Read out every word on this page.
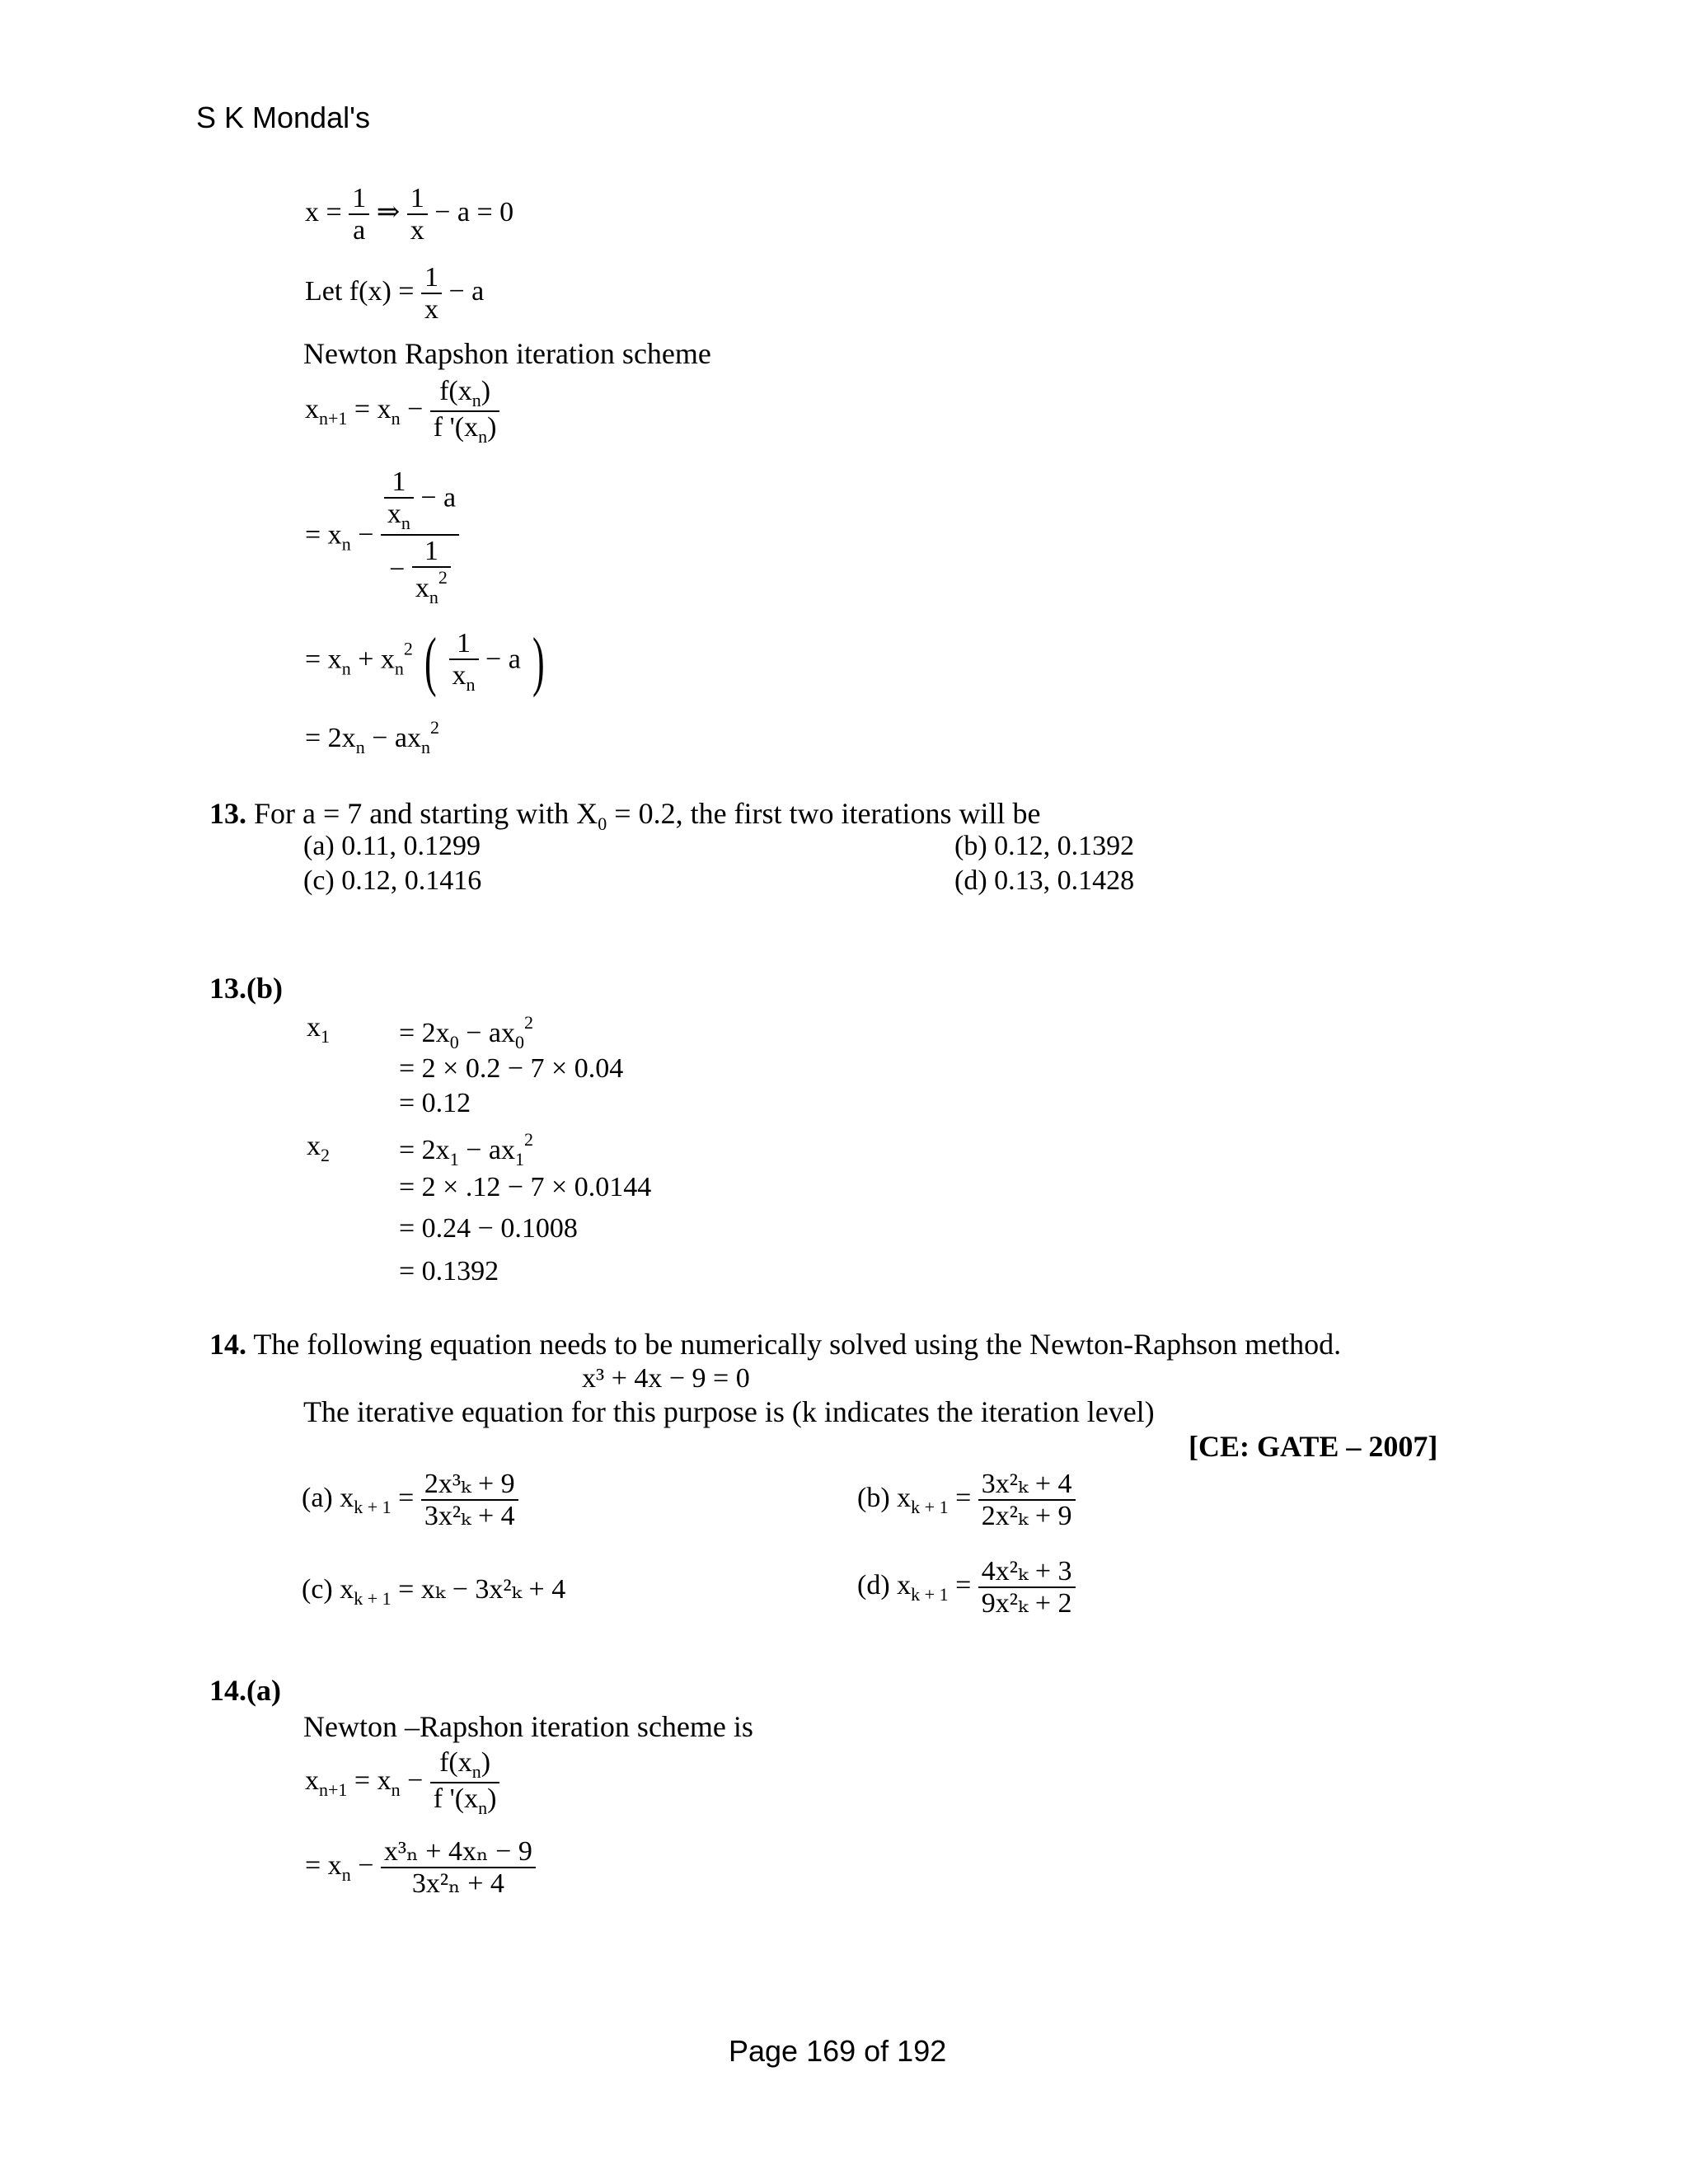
S K Mondal's
$x = \frac{1}{a}$ ⇒ $\frac{1}{x} - a = 0$
Let $f(x) = \frac{1}{x} - a$
Newton Rapshon iteration scheme
$x_{n+1} = x_n - \frac{f(x_n)}{f '(x_n)}$
= $x_n - \frac{\frac{1}{x_n} - a}{- \frac{1}{x_n^2}}$
= $x_n + x_n^2$ ( $\frac{1}{x_n} - a$ )
= $2x_n - ax_n^2$
13. For a = 7 and starting with $X_0 = 0.2$, the first two iterations will be
(a) 0.11, 0.1299	(b) 0.12, 0.1392
(c) 0.12, 0.1416	(d) 0.13, 0.1428
13.(b)
$x_1 = 2x_0 - ax_0^2$
= 2 × 0.2 − 7 × 0.04
= 0.12
$x_2 = 2x_1 - ax_1^2$
= 2 × .12 − 7 × 0.0144
= 0.24 − 0.1008
= 0.1392
14. The following equation needs to be numerically solved using the Newton-Raphson method.
x³ + 4x − 9 = 0
The iterative equation for this purpose is (k indicates the iteration level)
[CE: GATE – 2007]
(a) $x_{k + 1} = \frac{\text{2x³ₖ + 9}}{\text{3x²ₖ + 4}}$	(b) $x_{k + 1} = \frac{\text{3x²ₖ + 4}}{\text{2x²ₖ + 9}}$
(c) $x_{k + 1} = x_k - 3x^2_k + 4$	(d) $x_{k + 1} = \frac{\text{4x²ₖ + 3}}{\text{9x²ₖ + 2}}$
14.(a)
Newton –Rapshon iteration scheme is
$x_{n+1} = x_n - \frac{f(x_n)}{f '(x_n)}$
= $x_n - \frac{\text{x³ₙ + 4xₙ − 9}}{\text{3x²ₙ + 4}}$
Page 169 of 192
